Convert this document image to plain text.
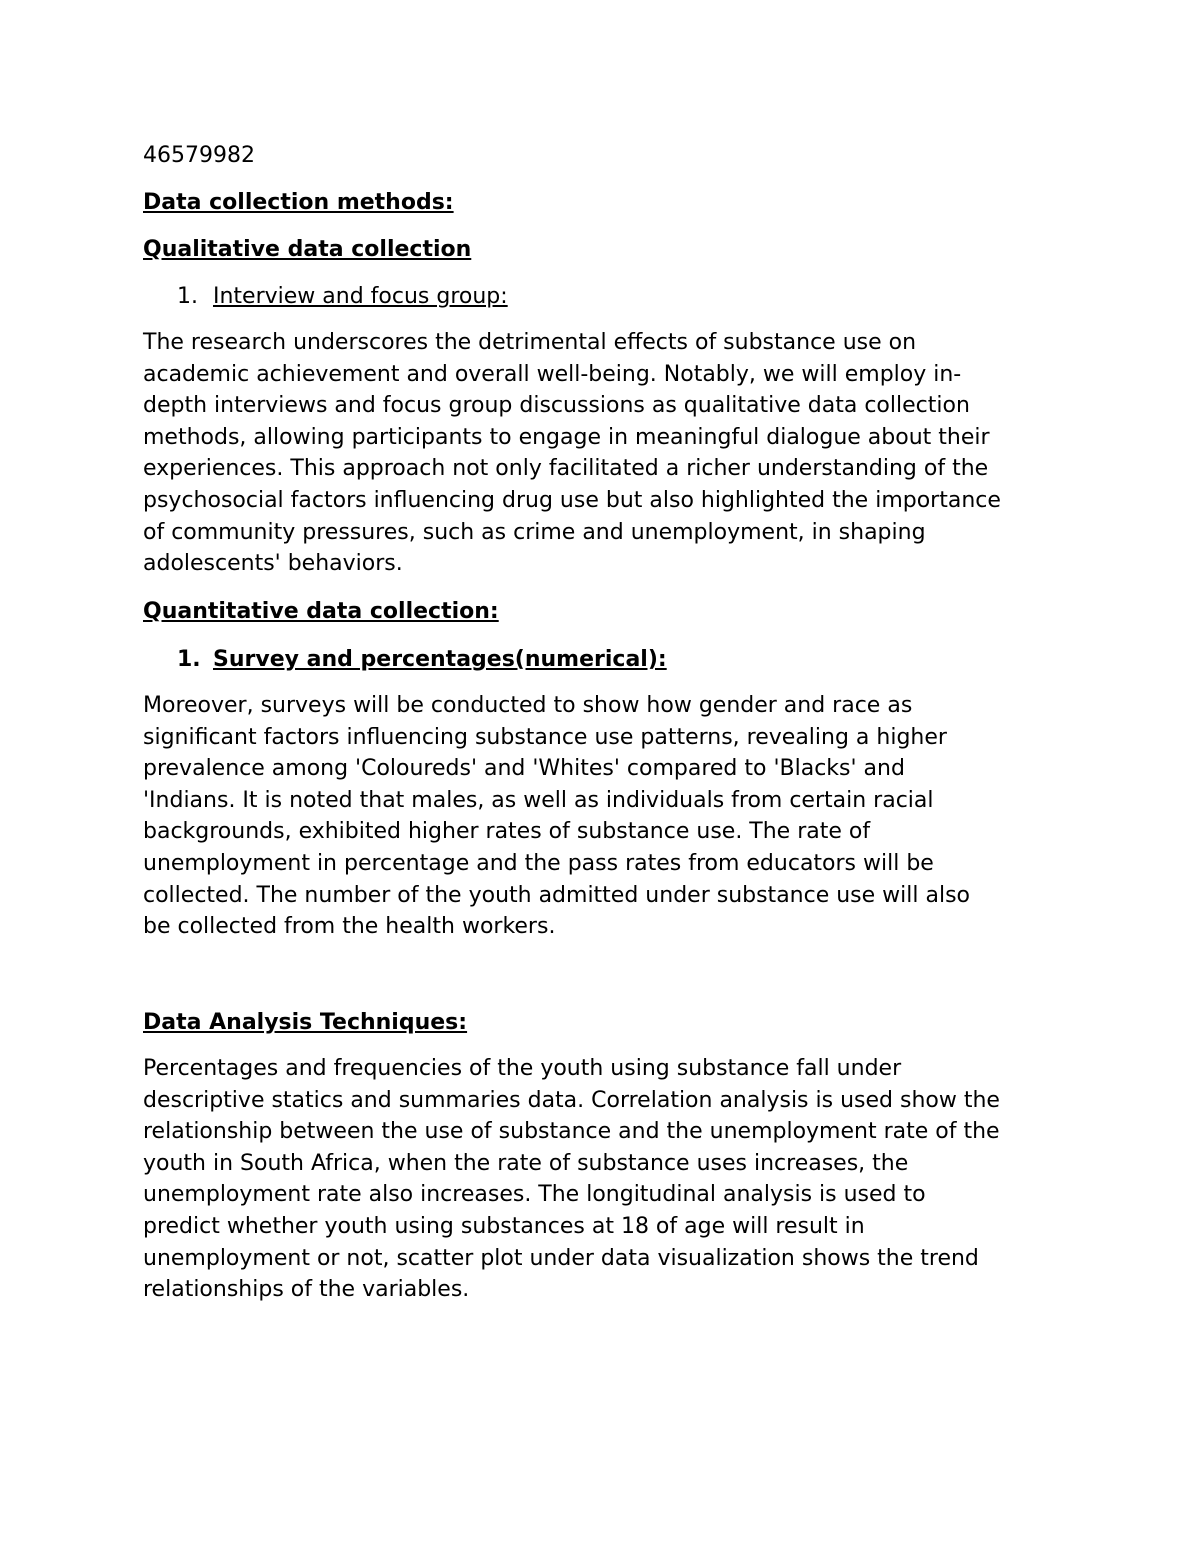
46579982
Data collection methods:
Qualitative data collection
1. Interview and focus group:
The research underscores the detrimental effects of substance use on
academic achievement and overall well-being. Notably, we will employ in-
depth interviews and focus group discussions as qualitative data collection
methods, allowing participants to engage in meaningful dialogue about their
experiences. This approach not only facilitated a richer understanding of the
psychosocial factors influencing drug use but also highlighted the importance
of community pressures, such as crime and unemployment, in shaping
adolescents' behaviors.
Quantitative data collection:
1. Survey and percentages(numerical):
Moreover, surveys will be conducted to show how gender and race as
significant factors influencing substance use patterns, revealing a higher
prevalence among 'Coloureds' and 'Whites' compared to 'Blacks' and
'Indians. It is noted that males, as well as individuals from certain racial
backgrounds, exhibited higher rates of substance use. The rate of
unemployment in percentage and the pass rates from educators will be
collected. The number of the youth admitted under substance use will also
be collected from the health workers.
Data Analysis Techniques:
Percentages and frequencies of the youth using substance fall under
descriptive statics and summaries data. Correlation analysis is used show the
relationship between the use of substance and the unemployment rate of the
youth in South Africa, when the rate of substance uses increases, the
unemployment rate also increases. The longitudinal analysis is used to
predict whether youth using substances at 18 of age will result in
unemployment or not, scatter plot under data visualization shows the trend
relationships of the variables.
